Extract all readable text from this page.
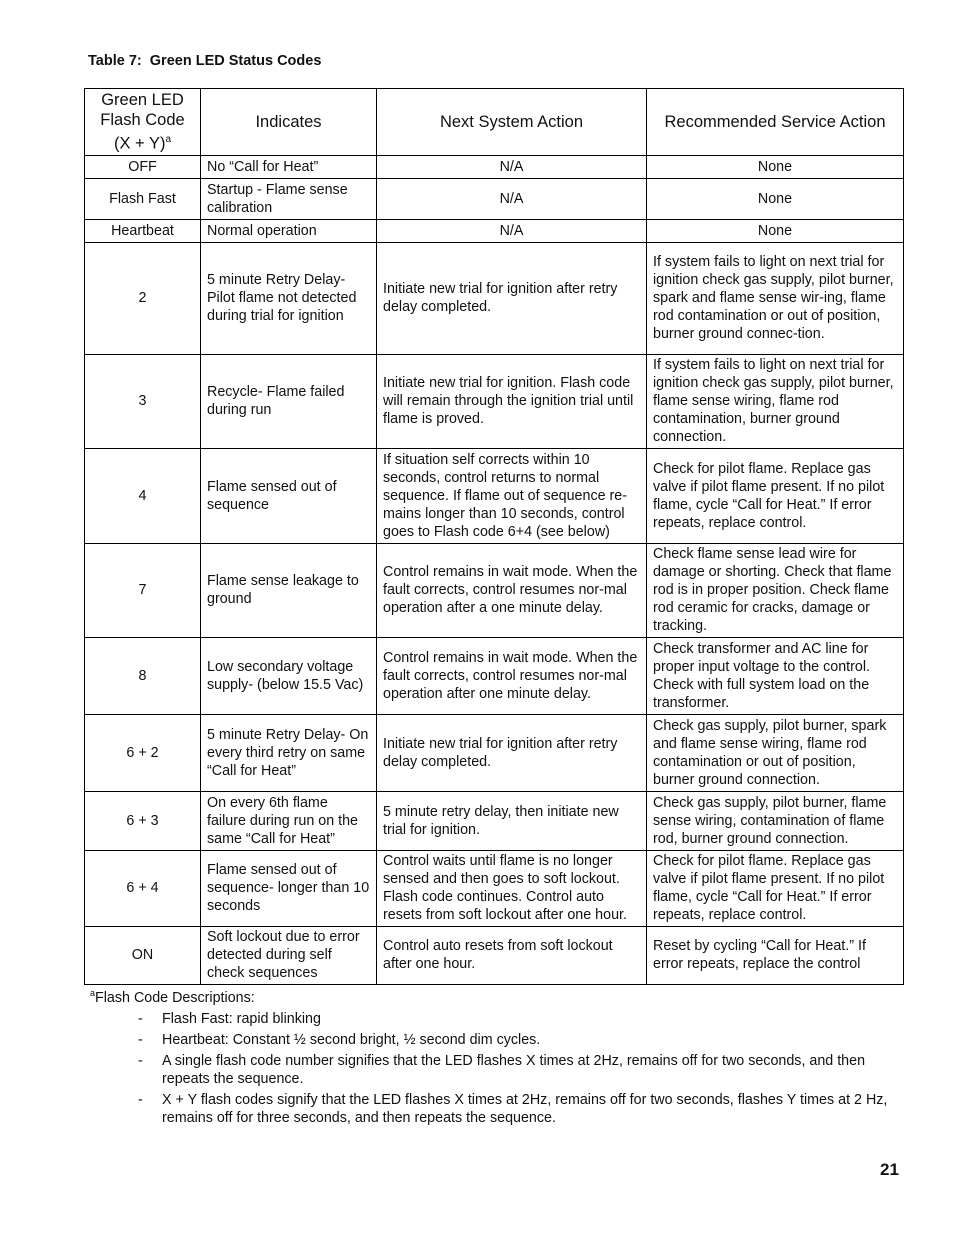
Table 7:  Green LED Status Codes
Green LED
Flash Code
$(X + Y)^a$	Indicates	Next System Action	Recommended Service Action
OFF	No “Call for Heat”	N/A	None
Flash Fast	Startup - Flame sense calibration	N/A	None
Heartbeat	Normal operation	N/A	None
2	5 minute Retry Delay- Pilot flame not detected during trial for ignition	Initiate new trial for ignition after retry delay completed.	If system fails to light on next trial for ignition check gas supply, pilot burner, spark and flame sense wir-ing, flame rod contamination or out of position, burner ground connec-tion.
3	Recycle- Flame failed during run	Initiate new trial for ignition. Flash code will remain through the ignition trial until flame is proved.	If system fails to light on next trial for ignition check gas supply, pilot burner, flame sense wiring, flame rod contamination, burner ground connection.
4	Flame sensed out of sequence	If situation self corrects within 10 seconds, control returns to normal sequence. If flame out of sequence re-mains longer than 10 seconds, control goes to Flash code 6+4 (see below)	Check for pilot flame. Replace gas valve if pilot flame present. If no pilot flame, cycle “Call for Heat.” If error repeats, replace control.
7	Flame sense leakage to ground	Control remains in wait mode. When the fault corrects, control resumes nor-mal operation after a one minute delay.	Check flame sense lead wire for damage or shorting. Check that flame rod is in proper position. Check flame rod ceramic for cracks, damage or tracking.
8	Low secondary voltage supply- (below 15.5 Vac)	Control remains in wait mode. When the fault corrects, control resumes nor-mal operation after one minute delay.	Check transformer and AC line for proper input voltage to the control. Check with full system load on the transformer.
6 + 2	5 minute Retry Delay- On every third retry on same “Call for Heat”	Initiate new trial for ignition after retry delay completed.	Check gas supply, pilot burner, spark and flame sense wiring, flame rod contamination or out of position, burner ground connection.
6 + 3	On every 6th flame failure during run on the same “Call for Heat”	5 minute retry delay, then initiate new trial for ignition.	Check gas supply, pilot burner, flame sense wiring, contamination of flame rod, burner ground connection.
6 + 4	Flame sensed out of sequence- longer than 10 seconds	Control waits until flame is no longer sensed and then goes to soft lockout. Flash code continues. Control auto resets from soft lockout after one hour.	Check for pilot flame. Replace gas valve if pilot flame present. If no pilot flame, cycle “Call for Heat.” If error repeats, replace control.
ON	Soft lockout due to error detected during self check sequences	Control auto resets from soft lockout after one hour.	Reset by cycling “Call for Heat.” If error repeats, replace the control
$^a$Flash Code Descriptions:
- Flash Fast: rapid blinking
- Heartbeat: Constant ½ second bright, ½ second dim cycles.
- A single flash code number signifies that the LED flashes X times at 2Hz, remains off for two seconds, and then repeats the sequence.
- X + Y flash codes signify that the LED flashes X times at 2Hz, remains off for two seconds, flashes Y times at 2 Hz, remains off for three seconds, and then repeats the sequence.
21
